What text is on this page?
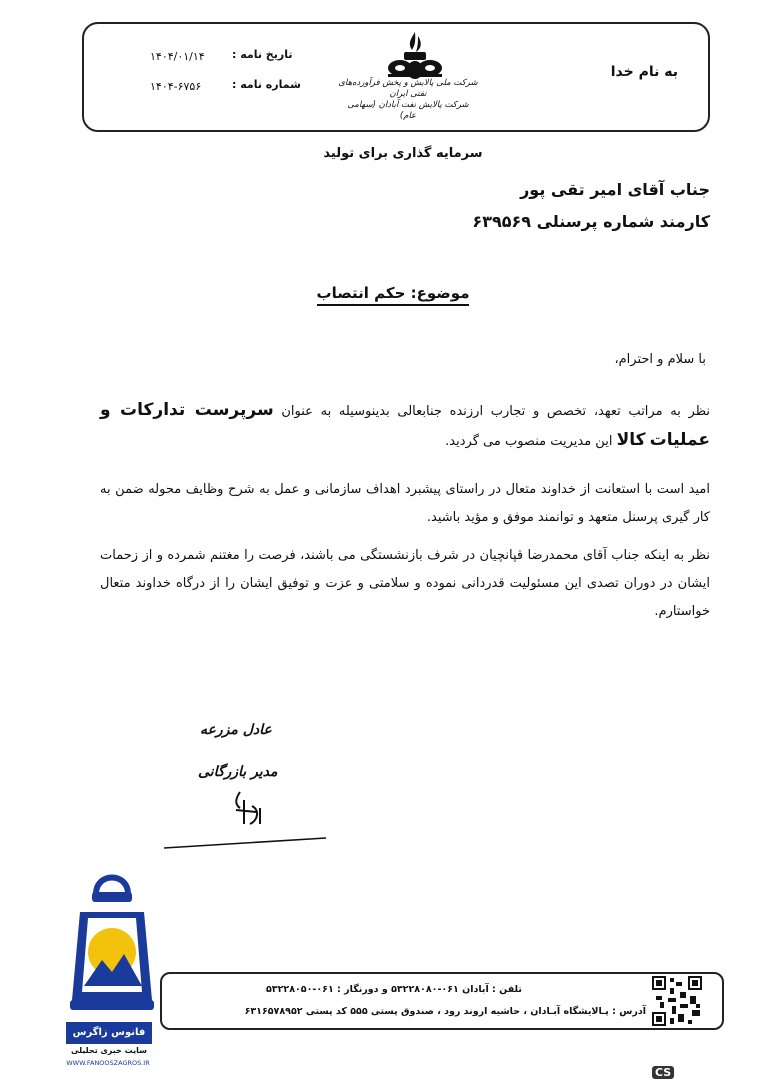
به نام خدا
شرکت ملی پالایش و پخش فرآورده‌های نفتی ایران
شرکت پالایش نفت آبادان (سهامی عام)
تاریخ نامه :
۱۴۰۴/۰۱/۱۴
شماره نامه :
۱۴۰۴-۶۷۵۶
سرمایه گذاری برای تولید
جناب آقای امیر تقی پور
کارمند شماره پرسنلی ۶۳۹۵۶۹
موضوع: حکم انتصاب
با سلام و احترام،
نظر به مراتب تعهد، تخصص و تجارب ارزنده جنابعالی بدینوسیله به عنوان سرپرست تدارکات و عملیات کالا این مدیریت منصوب می گردید.
امید است با استعانت از خداوند متعال در راستای پیشبرد اهداف سازمانی و عمل به شرح وظایف محوله ضمن به کار گیری پرسنل متعهد و توانمند موفق و مؤید باشید.
نظر به اینکه جناب آقای محمدرضا قپانچیان در شرف بازنشستگی می باشند، فرصت را مغتنم شمرده و از زحمات ایشان در دوران تصدی این مسئولیت قدردانی نموده و سلامتی و عزت و توفیق ایشان را از درگاه خداوند متعال خواستارم.
عادل مزرعه
مدیر بازرگانی
تلفن : آبادان ۰۶۱-۵۳۲۲۸۰۸۰ و دورنگار : ۰۶۱-۵۳۲۲۸۰۵۰
آدرس : پـالایشگاه آبـادان ، حاشیه اروند رود ، صندوق پستی ۵۵۵ کد پستی ۶۳۱۶۵۷۸۹۵۲
فانوس زاگرس
سایت خبری تحلیلی
WWW.FANOOSZAGROS.IR
CS
